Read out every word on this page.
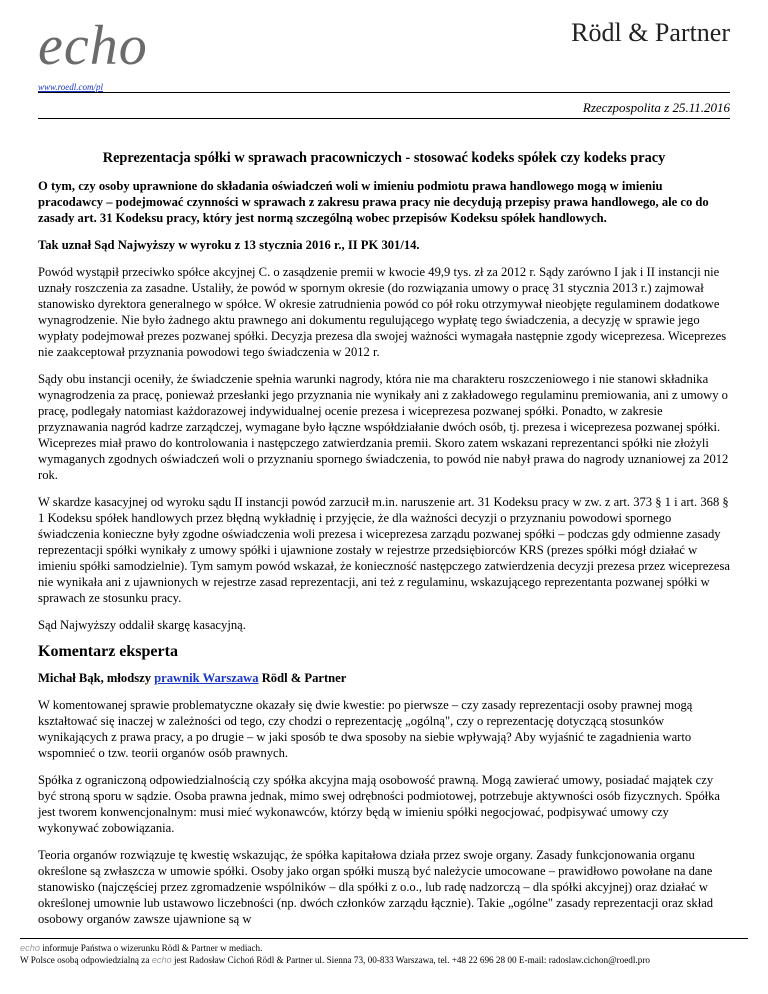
echo	Rödl & Partner
www.roedl.com/pl
Rzeczpospolita z 25.11.2016
Reprezentacja spółki w sprawach pracowniczych - stosować kodeks spółek czy kodeks pracy

O tym, czy osoby uprawnione do składania oświadczeń woli w imieniu podmiotu prawa handlowego mogą w imieniu pracodawcy – podejmować czynności w sprawach z zakresu prawa pracy nie decydują przepisy prawa handlowego, ale co do zasady art. 31 Kodeksu pracy, który jest normą szczególną wobec przepisów Kodeksu spółek handlowych.

Tak uznał Sąd Najwyższy w wyroku z 13 stycznia 2016 r., II PK 301/14.

Powód wystąpił przeciwko spółce akcyjnej C. o zasądzenie premii w kwocie 49,9 tys. zł za 2012 r. Sądy zarówno I jak i II instancji nie uznały roszczenia za zasadne. Ustaliły, że powód w spornym okresie (do rozwiązania umowy o pracę 31 stycznia 2013 r.) zajmował stanowisko dyrektora generalnego w spółce. W okresie zatrudnienia powód co pół roku otrzymywał nieobjęte regulaminem dodatkowe wynagrodzenie. Nie było żadnego aktu prawnego ani dokumentu regulującego wypłatę tego świadczenia, a decyzję w sprawie jego wypłaty podejmował prezes pozwanej spółki. Decyzja prezesa dla swojej ważności wymagała następnie zgody wiceprezesa. Wiceprezes nie zaakceptował przyznania powodowi tego świadczenia w 2012 r.

Sądy obu instancji oceniły, że świadczenie spełnia warunki nagrody, która nie ma charakteru roszczeniowego i nie stanowi składnika wynagrodzenia za pracę, ponieważ przesłanki jego przyznania nie wynikały ani z zakładowego regulaminu premiowania, ani z umowy o pracę, podlegały natomiast każdorazowej indywidualnej ocenie prezesa i wiceprezesa pozwanej spółki. Ponadto, w zakresie przyznawania nagród kadrze zarządczej, wymagane było łączne współdziałanie dwóch osób, tj. prezesa i wiceprezesa pozwanej spółki. Wiceprezes miał prawo do kontrolowania i następczego zatwierdzania premii. Skoro zatem wskazani reprezentanci spółki nie złożyli wymaganych zgodnych oświadczeń woli o przyznaniu spornego świadczenia, to powód nie nabył prawa do nagrody uznaniowej za 2012 rok.

W skardze kasacyjnej od wyroku sądu II instancji powód zarzucił m.in. naruszenie art. 31 Kodeksu pracy w zw. z art. 373 § 1 i art. 368 § 1 Kodeksu spółek handlowych przez błędną wykładnię i przyjęcie, że dla ważności decyzji o przyznaniu powodowi spornego świadczenia konieczne były zgodne oświadczenia woli prezesa i wiceprezesa zarządu pozwanej spółki – podczas gdy odmienne zasady reprezentacji spółki wynikały z umowy spółki i ujawnione zostały w rejestrze przedsiębiorców KRS (prezes spółki mógł działać w imieniu spółki samodzielnie). Tym samym powód wskazał, że konieczność następczego zatwierdzenia decyzji prezesa przez wiceprezesa nie wynikała ani z ujawnionych w rejestrze zasad reprezentacji, ani też z regulaminu, wskazującego reprezentanta pozwanej spółki w sprawach ze stosunku pracy.

Sąd Najwyższy oddalił skargę kasacyjną.

Komentarz eksperta

Michał Bąk, młodszy prawnik Warszawa Rödl & Partner

W komentowanej sprawie problematyczne okazały się dwie kwestie: po pierwsze – czy zasady reprezentacji osoby prawnej mogą kształtować się inaczej w zależności od tego, czy chodzi o reprezentację „ogólną", czy o reprezentację dotyczącą stosunków wynikających z prawa pracy, a po drugie – w jaki sposób te dwa sposoby na siebie wpływają? Aby wyjaśnić te zagadnienia warto wspomnieć o tzw. teorii organów osób prawnych.

Spółka z ograniczoną odpowiedzialnością czy spółka akcyjna mają osobowość prawną. Mogą zawierać umowy, posiadać majątek czy być stroną sporu w sądzie. Osoba prawna jednak, mimo swej odrębności podmiotowej, potrzebuje aktywności osób fizycznych. Spółka jest tworem konwencjonalnym: musi mieć wykonawców, którzy będą w imieniu spółki negocjować, podpisywać umowy czy wykonywać zobowiązania.

Teoria organów rozwiązuje tę kwestię wskazując, że spółka kapitałowa działa przez swoje organy. Zasady funkcjonowania organu określone są zwłaszcza w umowie spółki. Osoby jako organ spółki muszą być należycie umocowane – prawidłowo powołane na dane stanowisko (najczęściej przez zgromadzenie wspólników – dla spółki z o.o., lub radę nadzorczą – dla spółki akcyjnej) oraz działać w określonej umownie lub ustawowo liczebności (np. dwóch członków zarządu łącznie). Takie „ogólne" zasady reprezentacji oraz skład osobowy organów zawsze ujawnione są w

echo informuje Państwa o wizerunku Rödl & Partner w mediach.
W Polsce osobą odpowiedzialną za echo jest Radosław Cichoń Rödl & Partner ul. Sienna 73, 00-833 Warszawa, tel. +48 22 696 28 00 E-mail: radoslaw.cichon@roedl.pro
